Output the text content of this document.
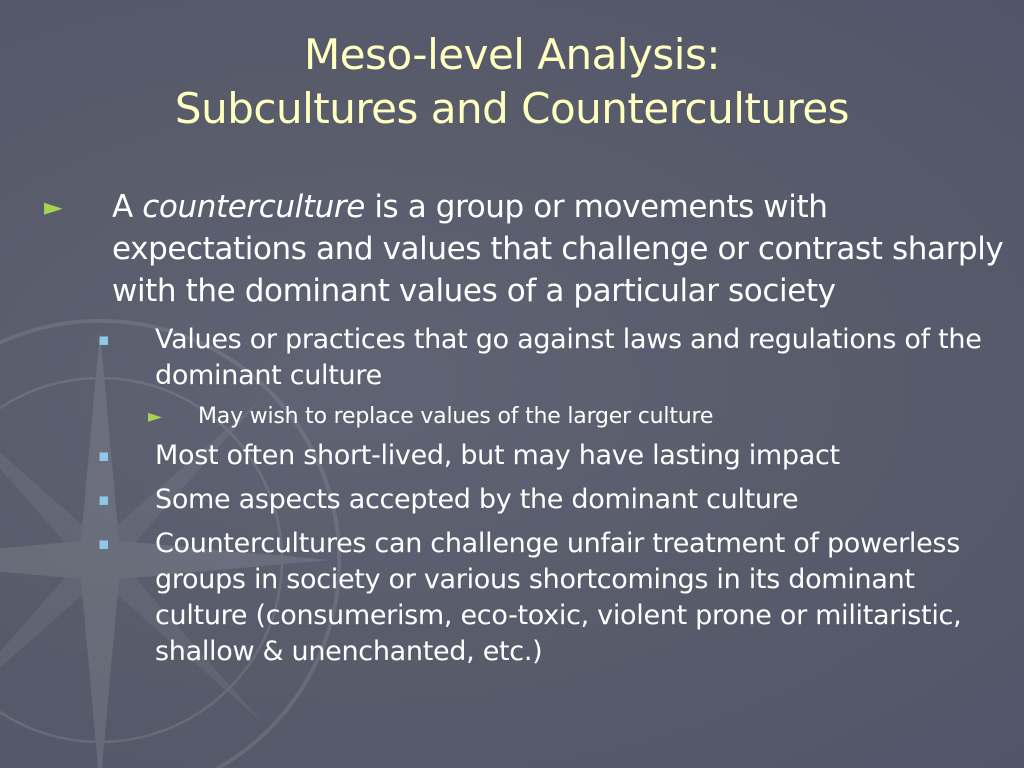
Meso-level Analysis:
Subcultures and Countercultures
► A counterculture is a group or movements with expectations and values that challenge or contrast sharply with the dominant values of a particular society
▪ Values or practices that go against laws and regulations of the dominant culture
► May wish to replace values of the larger culture
▪ Most often short-lived, but may have lasting impact
▪ Some aspects accepted by the dominant culture
▪ Countercultures can challenge unfair treatment of powerless groups in society or various shortcomings in its dominant culture (consumerism, eco-toxic, violent prone or militaristic, shallow & unenchanted, etc.)
